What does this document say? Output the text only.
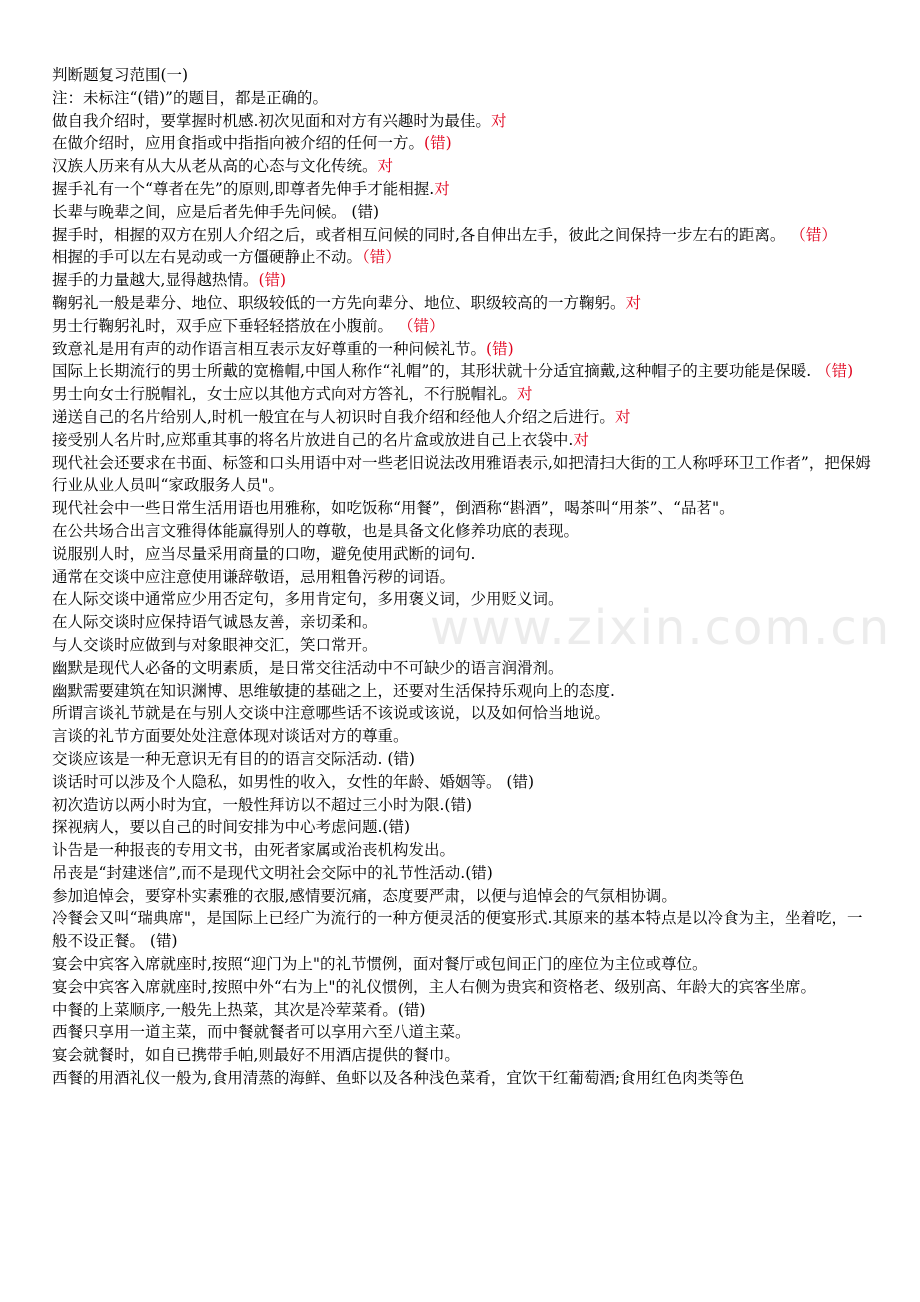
www.zixin.com.cn
判断题复习范围(一)
注：未标注“(错)”的题目，都是正确的。
做自我介绍时，要掌握时机感.初次见面和对方有兴趣时为最佳。对
在做介绍时，应用食指或中指指向被介绍的任何一方。(错)
汉族人历来有从大从老从高的心态与文化传统。对
握手礼有一个“尊者在先”的原则,即尊者先伸手才能相握.对
长辈与晚辈之间，应是后者先伸手先问候。 (错)
握手时，相握的双方在别人介绍之后，或者相互问候的同时,各自伸出左手，彼此之间保持一步左右的距离。 （错）
相握的手可以左右晃动或一方僵硬静止不动。（错）
握手的力量越大,显得越热情。(错)
鞠躬礼一般是辈分、地位、职级较低的一方先向辈分、地位、职级较高的一方鞠躬。对
男士行鞠躬礼时，双手应下垂轻轻搭放在小腹前。 （错）
致意礼是用有声的动作语言相互表示友好尊重的一种问候礼节。(错)
国际上长期流行的男士所戴的宽檐帽,中国人称作“礼帽”的，其形状就十分适宜摘戴,这种帽子的主要功能是保暖. （错)
男士向女士行脱帽礼，女士应以其他方式向对方答礼，不行脱帽礼。对
递送自己的名片给别人,时机一般宜在与人初识时自我介绍和经他人介绍之后进行。对
接受别人名片时,应郑重其事的将名片放进自己的名片盒或放进自己上衣袋中.对
现代社会还要求在书面、标签和口头用语中对一些老旧说法改用雅语表示,如把清扫大街的工人称呼环卫工作者”，把保姆行业从业人员叫“家政服务人员"。
现代社会中一些日常生活用语也用雅称，如吃饭称“用餐”，倒酒称“斟酒”，喝茶叫“用茶”、“品茗"。
在公共场合出言文雅得体能赢得别人的尊敬，也是具备文化修养功底的表现。
说服别人时，应当尽量采用商量的口吻，避免使用武断的词句.
通常在交谈中应注意使用谦辞敬语，忌用粗鲁污秽的词语。
在人际交谈中通常应少用否定句，多用肯定句，多用褒义词，少用贬义词。
在人际交谈时应保持语气诚恳友善，亲切柔和。
与人交谈时应做到与对象眼神交汇，笑口常开。
幽默是现代人必备的文明素质，是日常交往活动中不可缺少的语言润滑剂。
幽默需要建筑在知识渊博、思维敏捷的基础之上，还要对生活保持乐观向上的态度.
所谓言谈礼节就是在与别人交谈中注意哪些话不该说或该说，以及如何恰当地说。
言谈的礼节方面要处处注意体现对谈话对方的尊重。
交谈应该是一种无意识无有目的的语言交际活动. (错)
谈话时可以涉及个人隐私，如男性的收入，女性的年龄、婚姻等。 (错)
初次造访以两小时为宜，一般性拜访以不超过三小时为限.(错)
探视病人，要以自己的时间安排为中心考虑问题.(错)
讣告是一种报丧的专用文书，由死者家属或治丧机构发出。
吊丧是“封建迷信”,而不是现代文明社会交际中的礼节性活动.(错)
参加追悼会，要穿朴实素雅的衣服,感情要沉痛，态度要严肃，以便与追悼会的气氛相协调。
冷餐会又叫“瑞典席"，是国际上已经广为流行的一种方便灵活的便宴形式.其原来的基本特点是以冷食为主，坐着吃，一般不设正餐。 (错)
宴会中宾客入席就座时,按照“迎门为上"的礼节惯例，面对餐厅或包间正门的座位为主位或尊位。
宴会中宾客入席就座时,按照中外“右为上"的礼仪惯例，主人右侧为贵宾和资格老、级别高、年龄大的宾客坐席。
中餐的上菜顺序,一般先上热菜，其次是冷荤菜肴。(错)
西餐只享用一道主菜，而中餐就餐者可以享用六至八道主菜。
宴会就餐时，如自已携带手帕,则最好不用酒店提供的餐巾。
西餐的用酒礼仪一般为,食用清蒸的海鲜、鱼虾以及各种浅色菜肴，宜饮干红葡萄酒;食用红色肉类等色
